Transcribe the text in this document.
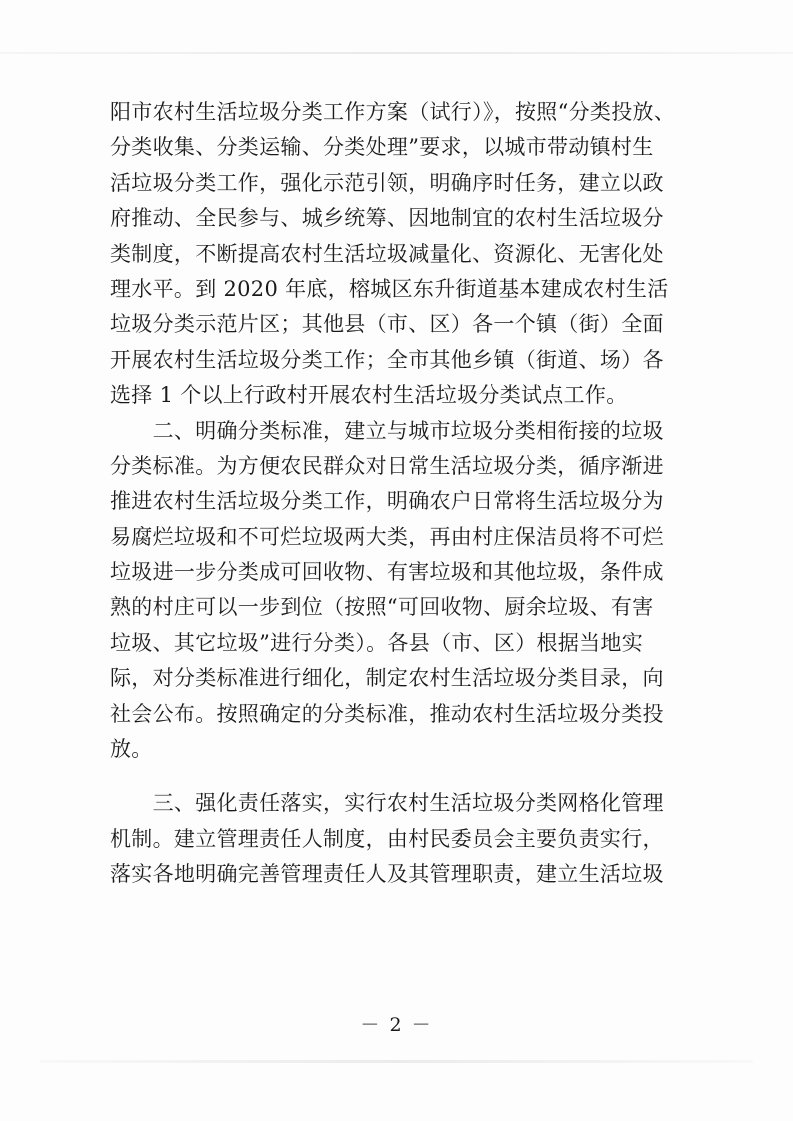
阳市农村生活垃圾分类工作方案（试行）》，按照“分类投放、
分类收集、分类运输、分类处理”要求，以城市带动镇村生
活垃圾分类工作，强化示范引领，明确序时任务，建立以政
府推动、全民参与、城乡统筹、因地制宜的农村生活垃圾分
类制度，不断提高农村生活垃圾减量化、资源化、无害化处
理水平。到 2020 年底，榕城区东升街道基本建成农村生活
垃圾分类示范片区；其他县（市、区）各一个镇（街）全面
开展农村生活垃圾分类工作；全市其他乡镇（街道、场）各
选择 1 个以上行政村开展农村生活垃圾分类试点工作。
　　二、明确分类标准，建立与城市垃圾分类相衔接的垃圾
分类标准。为方便农民群众对日常生活垃圾分类，循序渐进
推进农村生活垃圾分类工作，明确农户日常将生活垃圾分为
易腐烂垃圾和不可烂垃圾两大类，再由村庄保洁员将不可烂
垃圾进一步分类成可回收物、有害垃圾和其他垃圾，条件成
熟的村庄可以一步到位（按照“可回收物、厨余垃圾、有害
垃圾、其它垃圾”进行分类）。各县（市、区）根据当地实
际，对分类标准进行细化，制定农村生活垃圾分类目录，向
社会公布。按照确定的分类标准，推动农村生活垃圾分类投
放。
　　三、强化责任落实，实行农村生活垃圾分类网格化管理
机制。建立管理责任人制度，由村民委员会主要负责实行，
落实各地明确完善管理责任人及其管理职责，建立生活垃圾
－ 2 －
